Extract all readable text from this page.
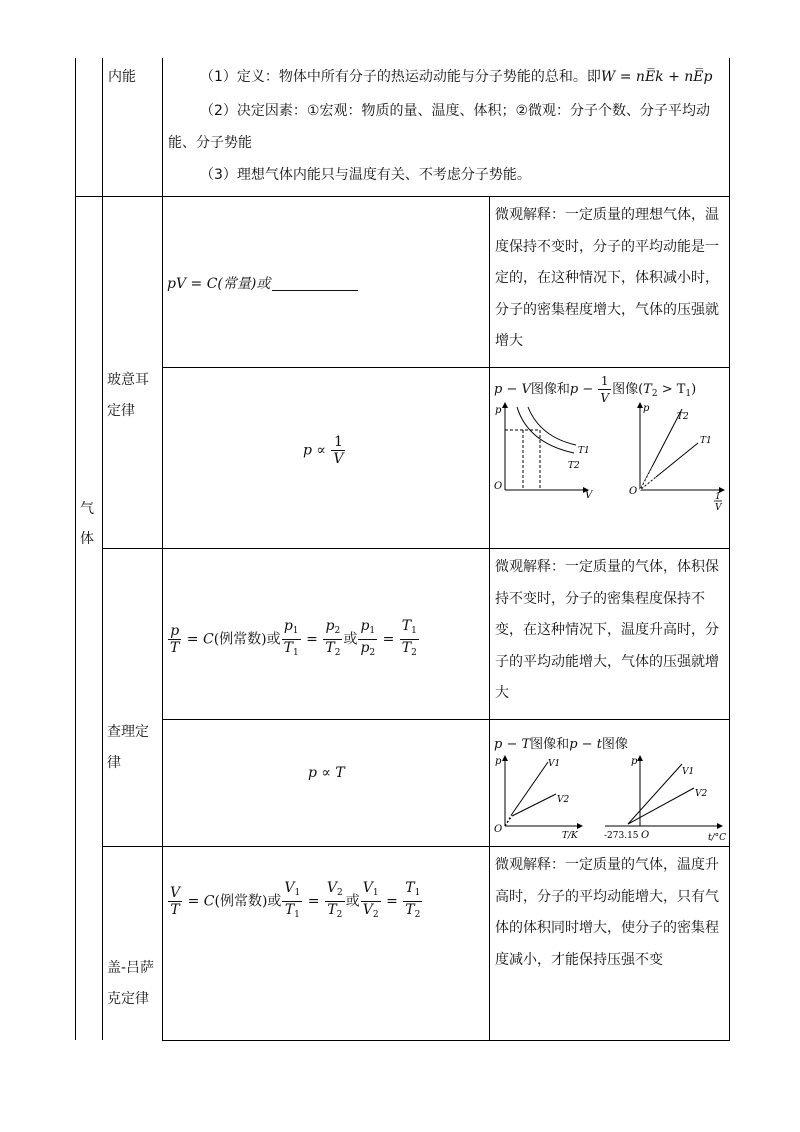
内能	（1）定义：物体中所有分子的热运动动能与分子势能的总和。即W = nE̅k + nE̅p
（2）决定因素：①宏观：物质的量、温度、体积；②微观：分子个数、分子平均动
能、分子势能
（3）理想气体内能只与温度有关、不考虑分子势能。
气
体
玻意耳
定律
pV = C(常量)或
微观解释：一定质量的理想气体，温
度保持不变时，分子的平均动能是一
定的，在这种情况下，体积减小时，
分子的密集程度增大，气体的压强就
增大
$p \propto \frac{1}{V}$
p − V图像和$p - \frac{1}{V}$ 图像$(T_2 > T_1)$
p
O
V
T1
T2
p
O
T2
T1
1
V
查理定
律
$\frac{p}{T} = C$(例常数)或 $\frac{p_1}{T_1} = \frac{p_2}{T_2}$ 或 $\frac{p_1}{p_2} = \frac{T_1}{T_2}$
微观解释：一定质量的气体，体积保
持不变时，分子的密集程度保持不
变，在这种情况下，温度升高时，分
子的平均动能增大，气体的压强就增
大
p ∝ T
p − T图像和p − t图像
p
O
V1
V2
T/K
p
O
V1
V2
-273.15	t/°C
盖-吕萨
克定律
$\frac{V}{T} = C$(例常数)或 $\frac{V_1}{T_1} = \frac{V_2}{T_2}$ 或 $\frac{V_1}{V_2} = \frac{T_1}{T_2}$
微观解释：一定质量的气体，温度升
高时，分子的平均动能增大，只有气
体的体积同时增大，使分子的密集程
度减小，才能保持压强不变
